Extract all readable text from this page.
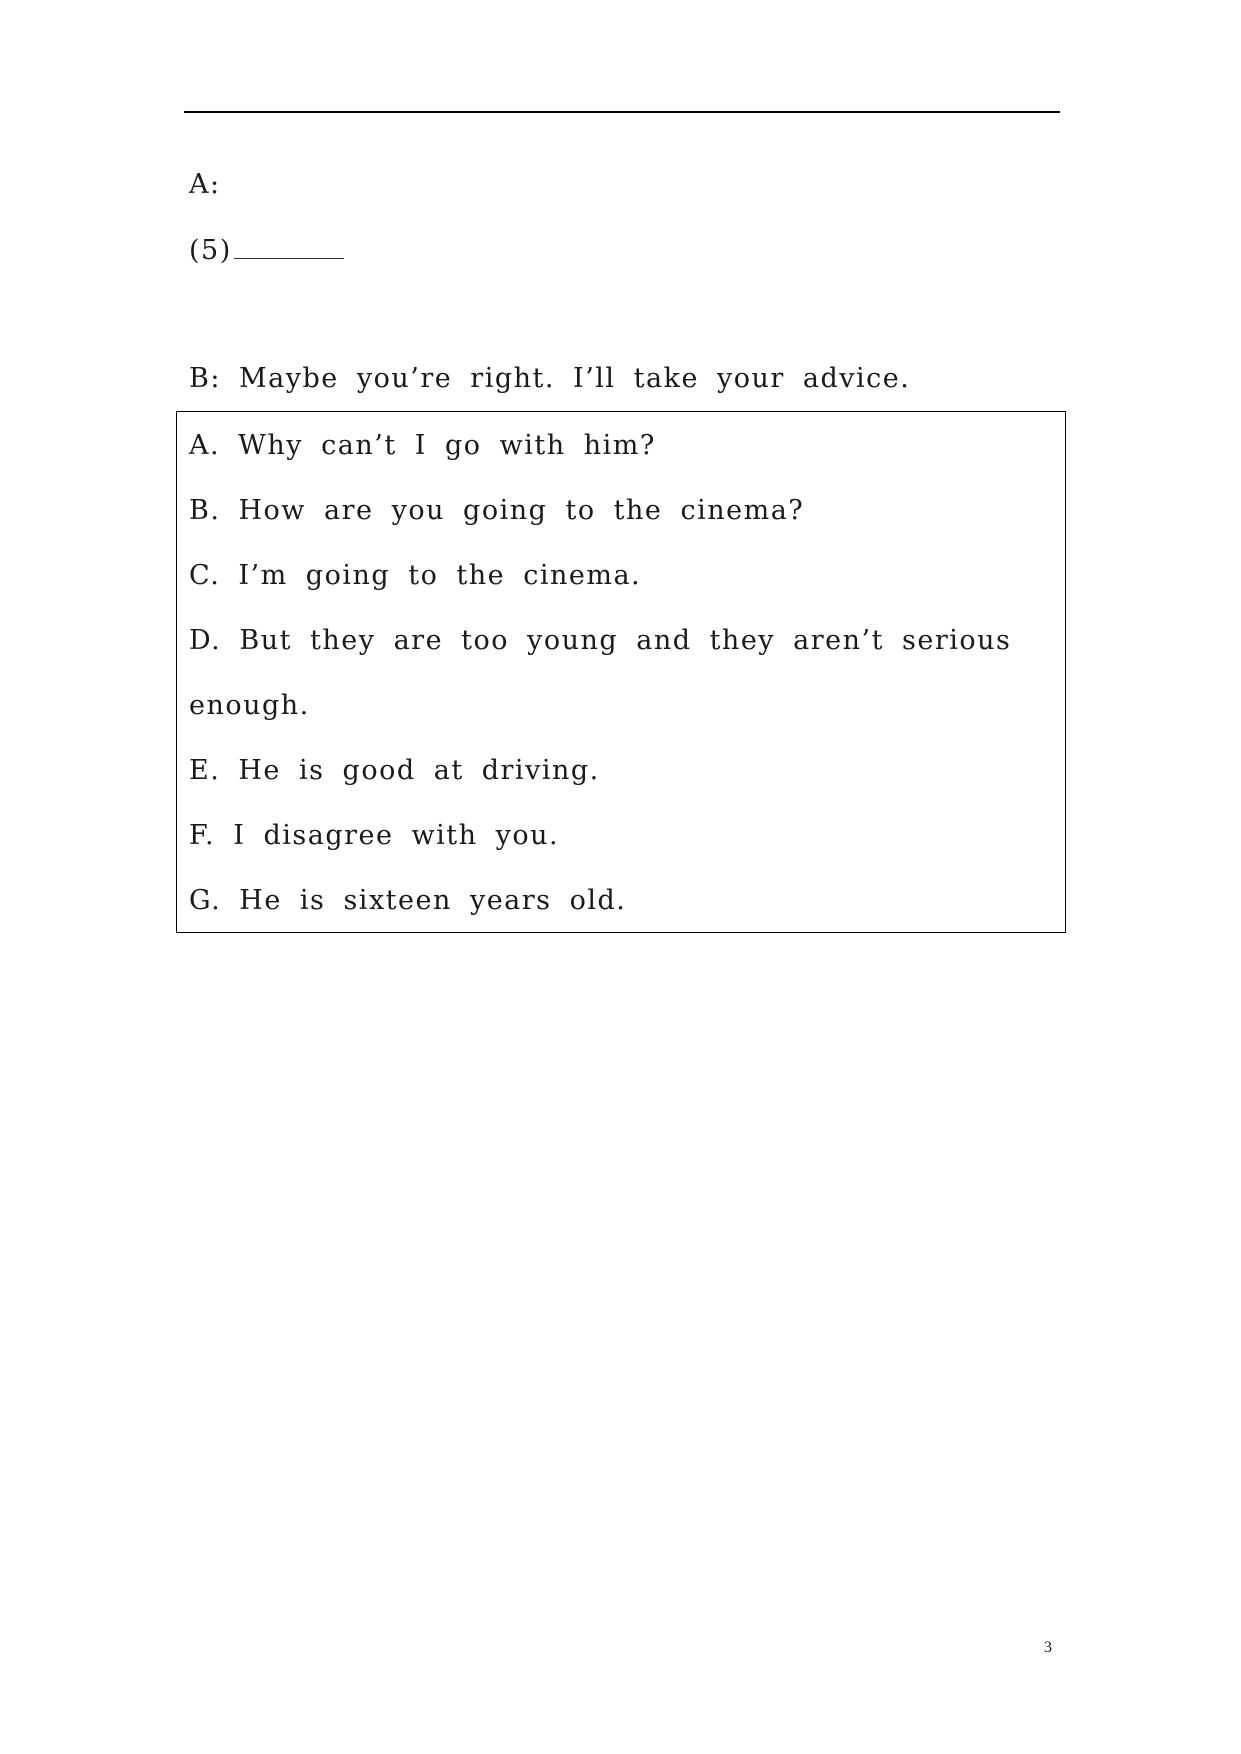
A:
(5)
B: Maybe you’re right. I’ll take your advice.
A. Why can’t I go with him?
B. How are you going to the cinema?
C. I’m going to the cinema.
D. But they are too young and they aren’t serious
enough.
E. He is good at driving.
F. I disagree with you.
G. He is sixteen years old.
3
